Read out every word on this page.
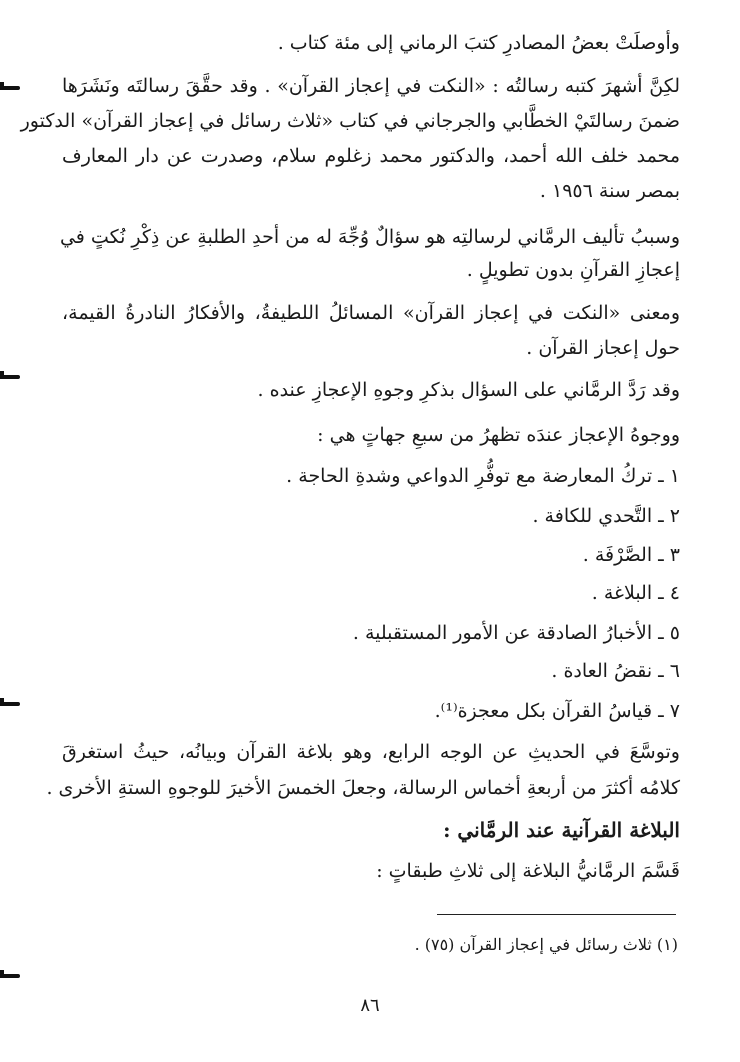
وأوصلَتْ بعضُ المصادرِ كتبَ الرماني إلى مئة كتاب .
لكِنَّ أشهرَ كتبه رسالتُه : «النكت في إعجاز القرآن» . وقد حقَّقَ رسالتَه ونَشَرَها
ضمنَ رسالتَيْ الخطَّابي والجرجاني في كتاب «ثلاث رسائل في إعجاز القرآن» الدكتور
محمد خلف الله أحمد، والدكتور محمد زغلوم سلام، وصدرت عن دار المعارف
بمصر سنة ١٩٥٦ .
وسببُ تأليف الرمَّاني لرسالتِه هو سؤالٌ وُجِّهَ له من أحدِ الطلبةِ عن ذِكْرِ نُكتٍ في
إعجازِ القرآنِ بدون تطويلٍ .
ومعنى «النكت في إعجاز القرآن» المسائلُ اللطيفةُ، والأفكارُ النادرةُ القيمة،
حول إعجاز القرآن .
وقد رَدَّ الرمَّاني على السؤال بذكرِ وجوهِ الإعجازِ عنده .
ووجوهُ الإعجاز عندَه تظهرُ من سبعِ جهاتٍ هي :
١ ـ تركُ المعارضة مع توفُّرِ الدواعي وشدةِ الحاجة .
٢ ـ التَّحدي للكافة .
٣ ـ الصَّرْفَة .
٤ ـ البلاغة .
٥ ـ الأخبارُ الصادقة عن الأمور المستقبلية .
٦ ـ نقضُ العادة .
٧ ـ قياسُ القرآن بكل معجزة⁽¹⁾.
وتوسَّعَ في الحديثِ عن الوجه الرابع، وهو بلاغة القرآن وبيانُه، حيثُ استغرقَ
كلامُه أكثرَ من أربعةِ أخماس الرسالة، وجعلَ الخمسَ الأخيرَ للوجوهِ الستةِ الأخرى .
البلاغة القرآنية عند الرمَّاني :
قَسَّمَ الرمَّانيُّ البلاغة إلى ثلاثِ طبقاتٍ :
(١) ثلاث رسائل في إعجاز القرآن (٧٥) .
٨٦
